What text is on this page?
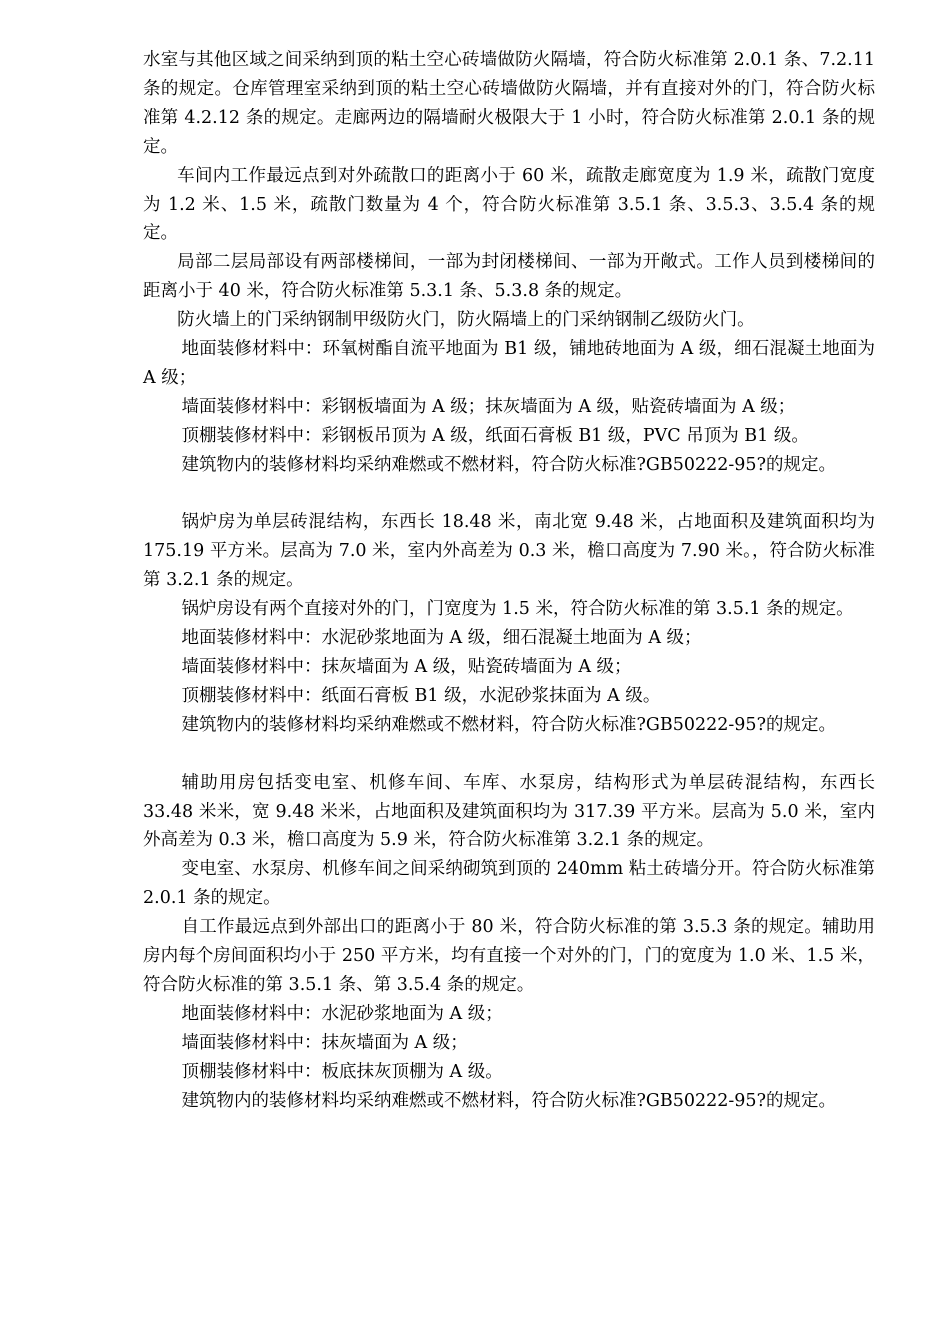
水室与其他区域之间采纳到顶的粘土空心砖墙做防火隔墙，符合防火标准第 2.0.1 条、7.2.11 条的规定。仓库管理室采纳到顶的粘土空心砖墙做防火隔墙，并有直接对外的门，符合防火标准第 4.2.12 条的规定。走廊两边的隔墙耐火极限大于 1 小时，符合防火标准第 2.0.1 条的规定。

车间内工作最远点到对外疏散口的距离小于 60 米，疏散走廊宽度为 1.9 米，疏散门宽度为 1.2 米、1.5 米，疏散门数量为 4 个，符合防火标准第 3.5.1 条、3.5.3、3.5.4 条的规定。

局部二层局部设有两部楼梯间，一部为封闭楼梯间、一部为开敞式。工作人员到楼梯间的距离小于 40 米，符合防火标准第 5.3.1 条、5.3.8 条的规定。

防火墙上的门采纳钢制甲级防火门，防火隔墙上的门采纳钢制乙级防火门。

地面装修材料中：环氧树酯自流平地面为 B1 级，铺地砖地面为 A 级，细石混凝土地面为 A 级；

墙面装修材料中：彩钢板墙面为 A 级；抹灰墙面为 A 级，贴瓷砖墙面为 A 级；

顶棚装修材料中：彩钢板吊顶为 A 级，纸面石膏板 B1 级，PVC 吊顶为 B1 级。

建筑物内的装修材料均采纳难燃或不燃材料，符合防火标准?GB50222-95?的规定。

锅炉房为单层砖混结构，东西长 18.48 米，南北宽 9.48 米，占地面积及建筑面积均为 175.19 平方米。层高为 7.0 米，室内外高差为 0.3 米，檐口高度为 7.90 米。，符合防火标准第 3.2.1 条的规定。

锅炉房设有两个直接对外的门，门宽度为 1.5 米，符合防火标准的第 3.5.1 条的规定。

地面装修材料中：水泥砂浆地面为 A 级，细石混凝土地面为 A 级；

墙面装修材料中：抹灰墙面为 A 级，贴瓷砖墙面为 A 级；

顶棚装修材料中：纸面石膏板 B1 级，水泥砂浆抹面为 A 级。

建筑物内的装修材料均采纳难燃或不燃材料，符合防火标准?GB50222-95?的规定。

辅助用房包括变电室、机修车间、车库、水泵房，结构形式为单层砖混结构，东西长 33.48 米米，宽 9.48 米米，占地面积及建筑面积均为 317.39 平方米。层高为 5.0 米，室内外高差为 0.3 米，檐口高度为 5.9 米，符合防火标准第 3.2.1 条的规定。

变电室、水泵房、机修车间之间采纳砌筑到顶的 240mm 粘土砖墙分开。符合防火标准第 2.0.1 条的规定。

自工作最远点到外部出口的距离小于 80 米，符合防火标准的第 3.5.3 条的规定。辅助用房内每个房间面积均小于 250 平方米，均有直接一个对外的门，门的宽度为 1.0 米、1.5 米，符合防火标准的第 3.5.1 条、第 3.5.4 条的规定。

地面装修材料中：水泥砂浆地面为 A 级；

墙面装修材料中：抹灰墙面为 A 级；

顶棚装修材料中：板底抹灰顶棚为 A 级。

建筑物内的装修材料均采纳难燃或不燃材料，符合防火标准?GB50222-95?的规定。
